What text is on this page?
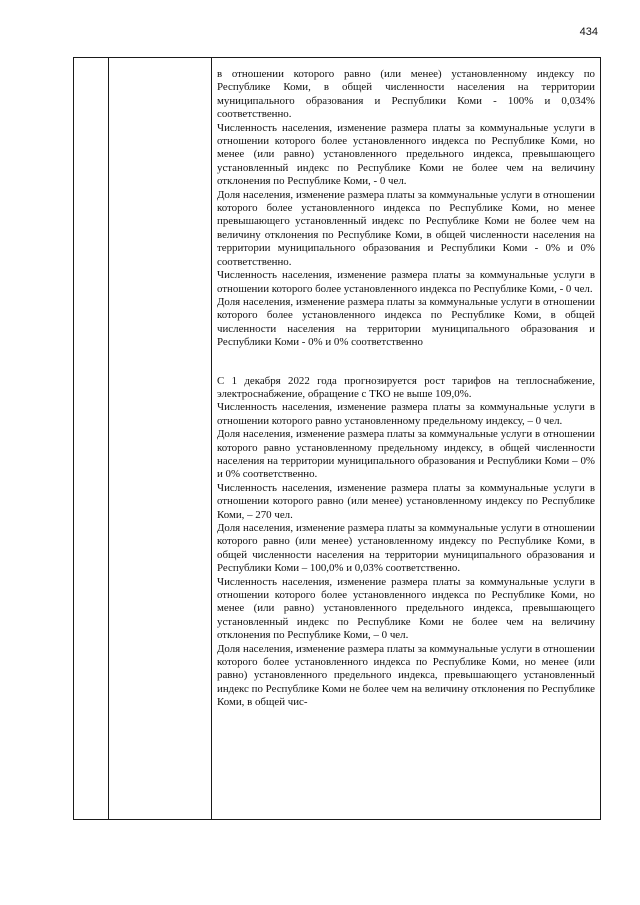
434

в отношении которого равно (или менее) установленному индексу по Республике Коми, в общей численности населения на территории муниципального образования и Республики Коми - 100% и 0,034% соответственно.

Численность населения, изменение размера платы за коммунальные услуги в отношении которого более установленного индекса по Республике Коми, но менее (или равно) установленного предельного индекса, превышающего установленный индекс по Республике Коми не более чем на величину отклонения по Республике Коми, - 0 чел.

Доля населения, изменение размера платы за коммунальные услуги в отношении которого более установленного индекса по Республике Коми, но менее превышающего установленный индекс по Республике Коми не более чем на величину отклонения по Республике Коми, в общей численности населения на территории муниципального образования и Республики Коми - 0% и 0% соответственно.

Численность населения, изменение размера платы за коммунальные услуги в отношении которого более установленного индекса по Республике Коми, - 0 чел.

Доля населения, изменение размера платы за коммунальные услуги в отношении которого более установленного индекса по Республике Коми, в общей численности населения на территории муниципального образования и Республики Коми - 0% и 0% соответственно

С 1 декабря 2022 года прогнозируется рост тарифов на теплоснабжение, электроснабжение, обращение с ТКО не выше 109,0%.

Численность населения, изменение размера платы за коммунальные услуги в отношении которого равно установленному предельному индексу, – 0 чел.

Доля населения, изменение размера платы за коммунальные услуги в отношении которого равно установленному предельному индексу, в общей численности населения на территории муниципального образования и Республики Коми – 0% и 0% соответственно.

Численность населения, изменение размера платы за коммунальные услуги в отношении которого равно (или менее) установленному индексу по Республике Коми, – 270 чел.

Доля населения, изменение размера платы за коммунальные услуги в отношении которого равно (или менее) установленному индексу по Республике Коми, в общей численности населения на территории муниципального образования и Республики Коми – 100,0% и 0,03% соответственно.

Численность населения, изменение размера платы за коммунальные услуги в отношении которого более установленного индекса по Республике Коми, но менее (или равно) установленного предельного индекса, превышающего установленный индекс по Республике Коми не более чем на величину отклонения по Республике Коми, – 0 чел.

Доля населения, изменение размера платы за коммунальные услуги в отношении которого более установленного индекса по Республике Коми, но менее (или равно) установленного предельного индекса, превышающего установленный индекс по Республике Коми не более чем на величину отклонения по Республике Коми, в общей чис-
